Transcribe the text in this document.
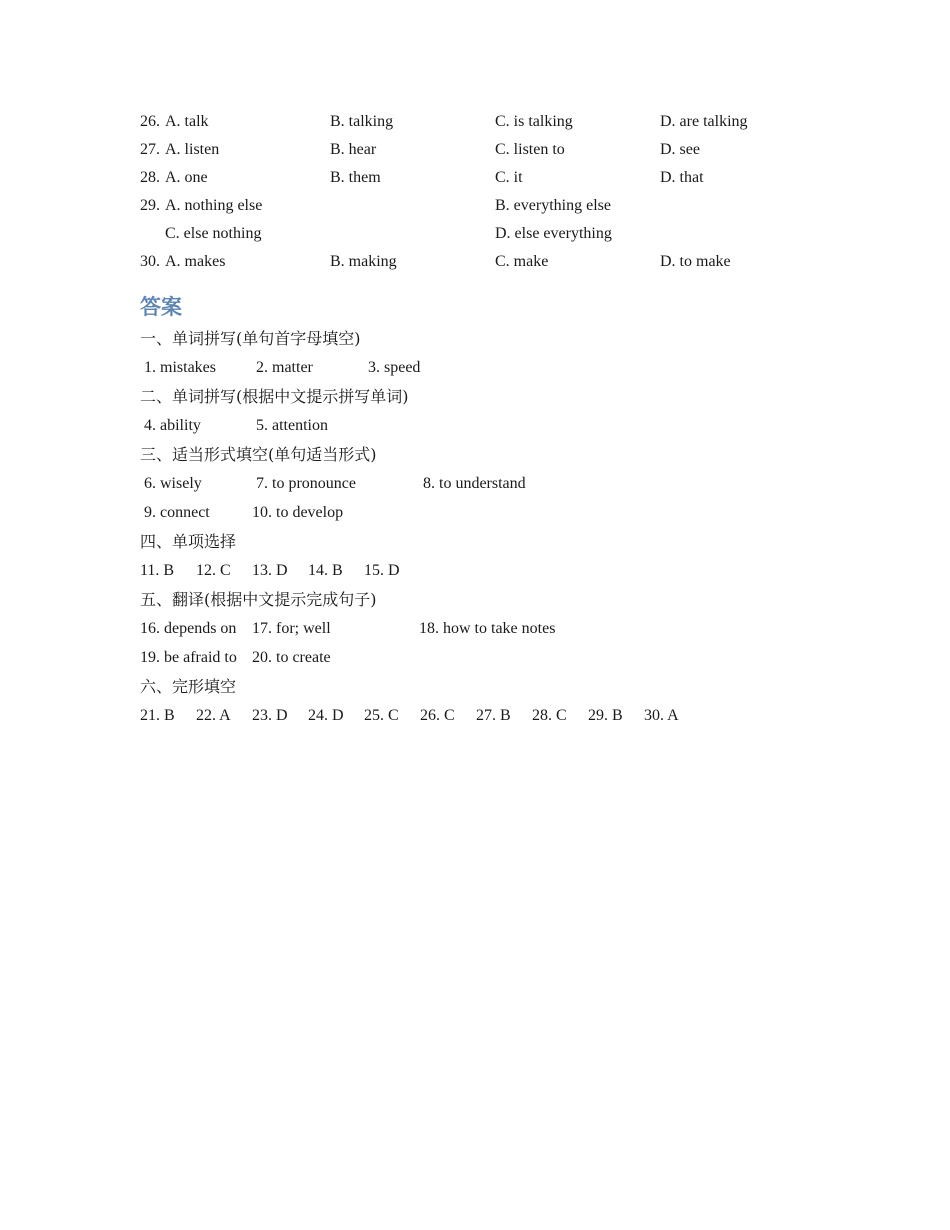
26. A. talk	B. talking	C. is talking	D. are talking
27. A. listen	B. hear	C. listen to	D. see
28. A. one	B. them	C. it	D. that
29. A. nothing else	B. everything else
C. else nothing	D. else everything
30. A. makes	B. making	C. make	D. to make
答案
一、单词拼写(单句首字母填空)
1. mistakes	2. matter	3. speed
二、单词拼写(根据中文提示拼写单词)
4. ability	5. attention
三、适当形式填空(单句适当形式)
6. wisely	7. to pronounce	8. to understand
9. connect	10. to develop
四、单项选择
11. B 12. C 13. D 14. B 15. D
五、翻译(根据中文提示完成句子)
16. depends on 17. for; well	18. how to take notes
19. be afraid to 20. to create
六、完形填空
21. B 22. A 23. D 24. D 25. C 26. C 27. B 28. C 29. B 30. A
